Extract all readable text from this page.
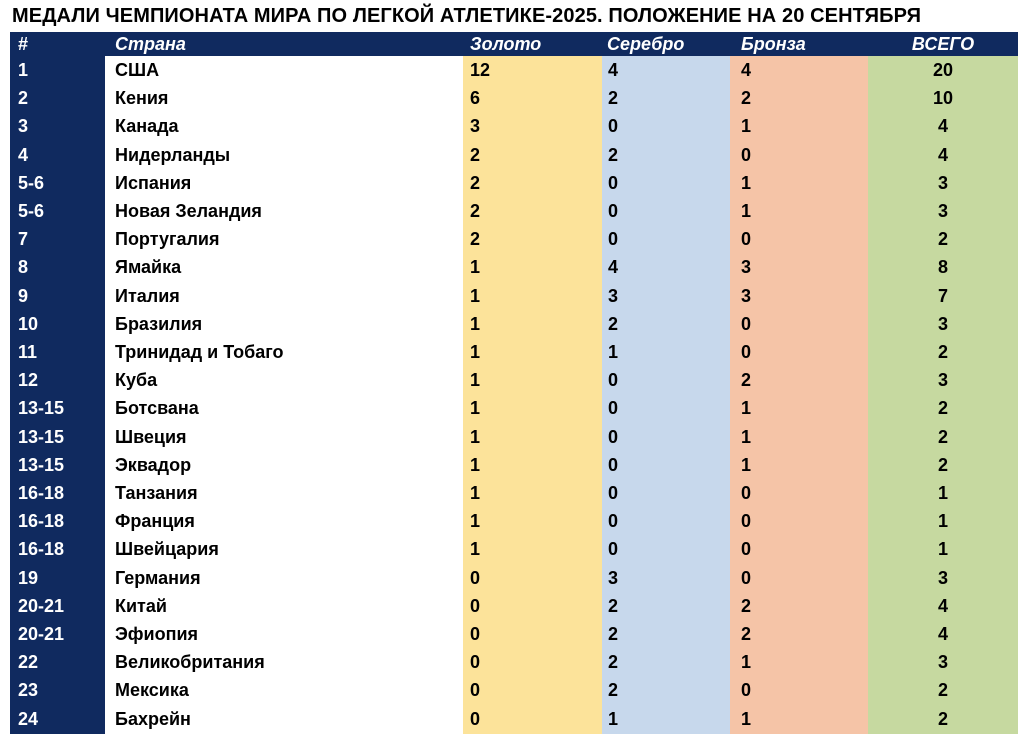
МЕДАЛИ ЧЕМПИОНАТА МИРА ПО ЛЕГКОЙ АТЛЕТИКЕ-2025. ПОЛОЖЕНИЕ НА 20 СЕНТЯБРЯ
#	Страна	Золото	Серебро	Бронза	ВСЕГО
1	США	12	4	4	20
2	Кения	6	2	2	10
3	Канада	3	0	1	4
4	Нидерланды	2	2	0	4
5-6	Испания	2	0	1	3
5-6	Новая Зеландия	2	0	1	3
7	Португалия	2	0	0	2
8	Ямайка	1	4	3	8
9	Италия	1	3	3	7
10	Бразилия	1	2	0	3
11	Тринидад и Тобаго	1	1	0	2
12	Куба	1	0	2	3
13-15	Ботсвана	1	0	1	2
13-15	Швеция	1	0	1	2
13-15	Эквадор	1	0	1	2
16-18	Танзания	1	0	0	1
16-18	Франция	1	0	0	1
16-18	Швейцария	1	0	0	1
19	Германия	0	3	0	3
20-21	Китай	0	2	2	4
20-21	Эфиопия	0	2	2	4
22	Великобритания	0	2	1	3
23	Мексика	0	2	0	2
24	Бахрейн	0	1	1	2
